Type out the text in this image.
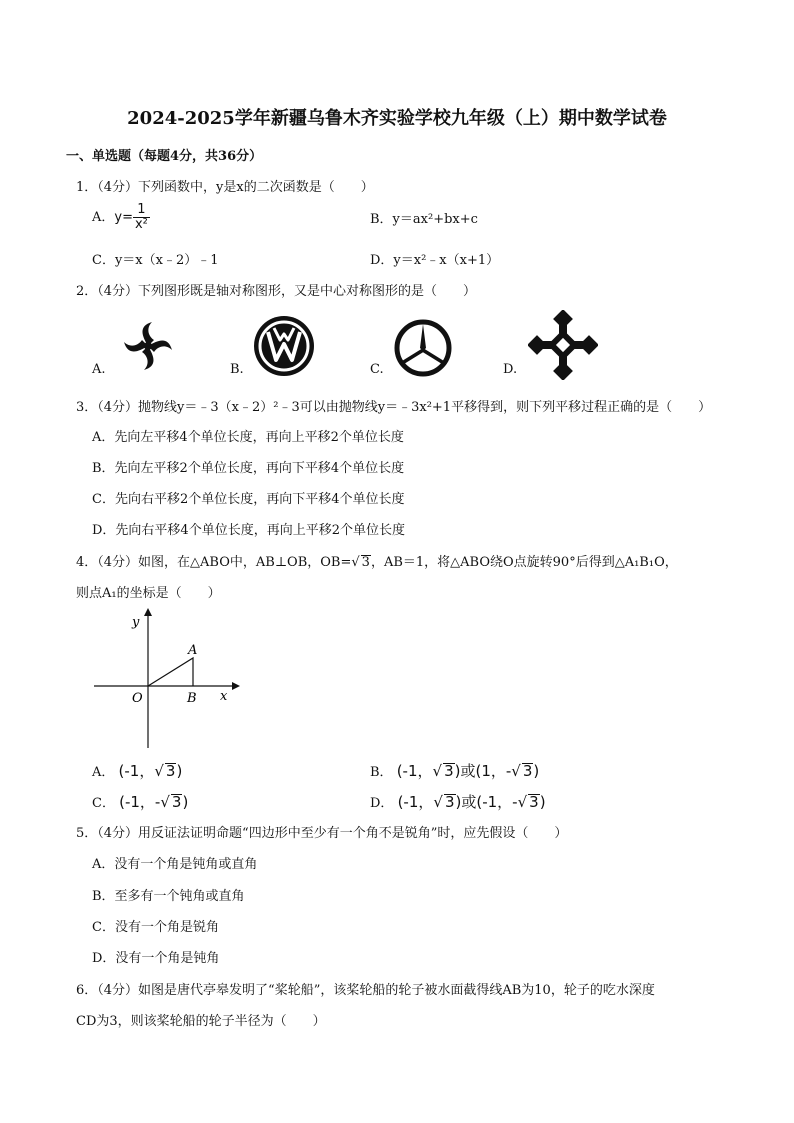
2024-2025学年新疆乌鲁木齐实验学校九年级（上）期中数学试卷
一、单选题（每题4分，共36分）
1．（4分）下列函数中，y是x的二次函数是（　　）
A．$y= \frac{1}{\text{x²}}$	B．y＝ax²+bx+c
C．y＝x（x﹣2）﹣1	D．y＝x²﹣x（x+1）
2．（4分）下列图形既是轴对称图形，又是中心对称图形的是（　　）
A.	B.	C.	D.
3．（4分）抛物线y＝﹣3（x﹣2）²﹣3可以由抛物线y＝﹣3x²+1平移得到，则下列平移过程正确的是（　　）
A．先向左平移4个单位长度，再向上平移2个单位长度
B．先向左平移2个单位长度，再向下平移4个单位长度
C．先向右平移2个单位长度，再向下平移4个单位长度
D．先向右平移4个单位长度，再向上平移2个单位长度
4．（4分）如图，在△ABO中，AB⊥OB，OB=√ 3，AB＝1，将△ABO绕O点旋转90°后得到△A₁B₁O，
则点A₁的坐标是（　　）
y
x
A
O	B
A． (-1，√ 3)	B． (-1，√ 3)或(1，-√ 3)
C． (-1，-√ 3)	D． (-1，√ 3)或(-1，-√ 3)
5．（4分）用反证法证明命题“四边形中至少有一个角不是锐角”时，应先假设（　　）
A．没有一个角是钝角或直角
B．至多有一个钝角或直角
C．没有一个角是锐角
D．没有一个角是钝角
6．（4分）如图是唐代亭皋发明了“桨轮船”，该桨轮船的轮子被水面截得线AB为10，轮子的吃水深度
CD为3，则该桨轮船的轮子半径为（　　）
